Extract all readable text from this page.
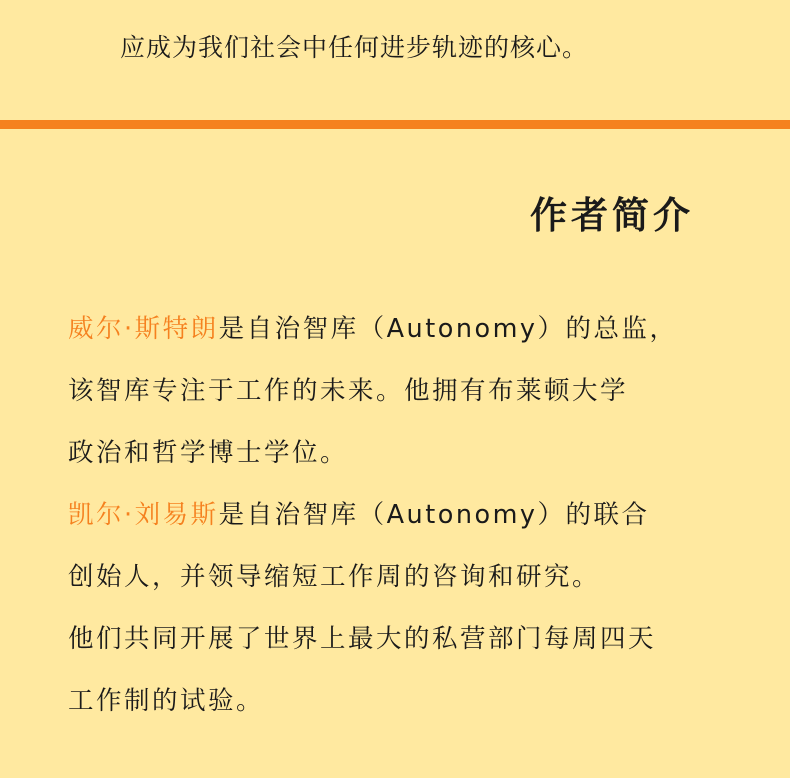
应成为我们社会中任何进步轨迹的核心。
作者简介
威尔·斯特朗是自治智库（Autonomy）的总监，
该智库专注于工作的未来。他拥有布莱顿大学
政治和哲学博士学位。
凯尔·刘易斯是自治智库（Autonomy）的联合
创始人，并领导缩短工作周的咨询和研究。
他们共同开展了世界上最大的私营部门每周四天
工作制的试验。
